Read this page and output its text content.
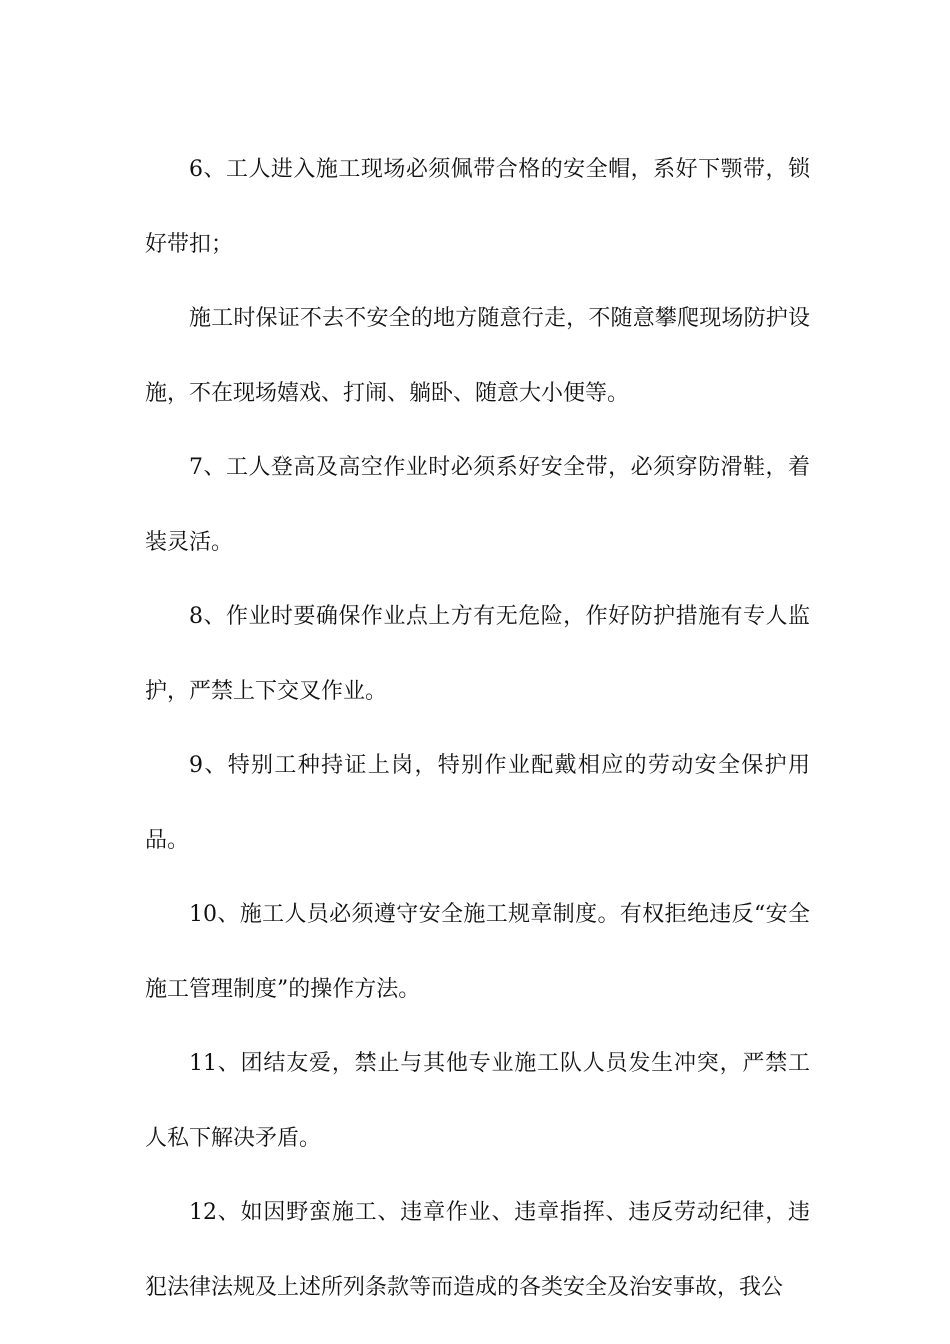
6、工人进入施工现场必须佩带合格的安全帽，系好下颚带，锁好带扣；

施工时保证不去不安全的地方随意行走，不随意攀爬现场防护设施，不在现场嬉戏、打闹、躺卧、随意大小便等。

7、工人登高及高空作业时必须系好安全带，必须穿防滑鞋，着装灵活。

8、作业时要确保作业点上方有无危险，作好防护措施有专人监护，严禁上下交叉作业。

9、特别工种持证上岗，特别作业配戴相应的劳动安全保护用品。

10、施工人员必须遵守安全施工规章制度。有权拒绝违反“安全施工管理制度”的操作方法。

11、团结友爱，禁止与其他专业施工队人员发生冲突，严禁工人私下解决矛盾。

12、如因野蛮施工、违章作业、违章指挥、违反劳动纪律，违犯法律法规及上述所列条款等而造成的各类安全及治安事故，我公
